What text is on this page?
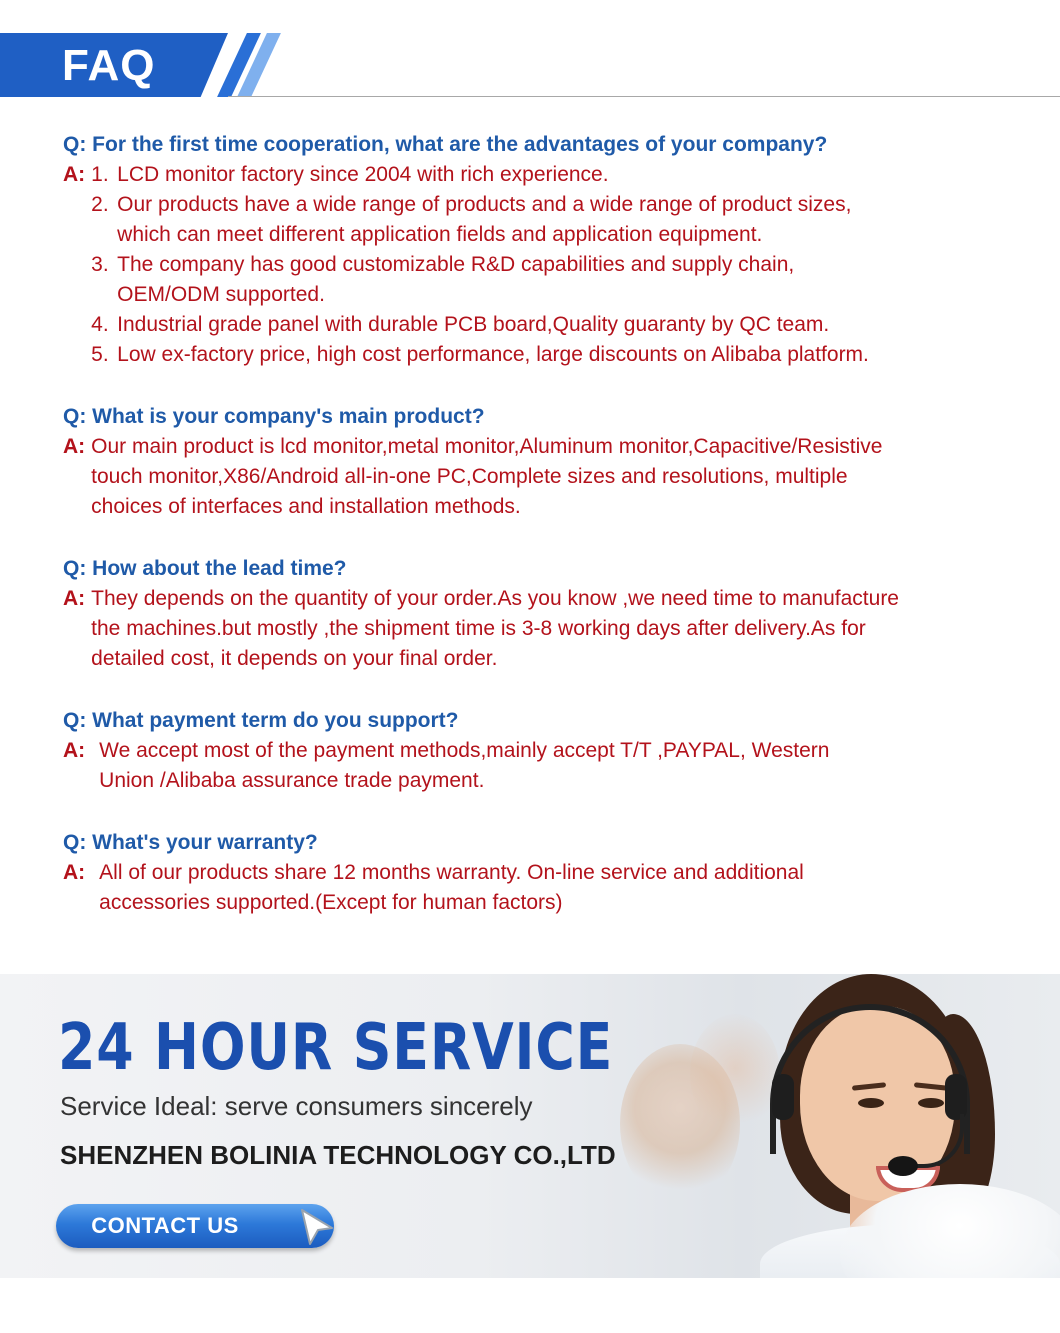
FAQ
Q: For the first time cooperation, what are the advantages of your company?
A: 1. LCD monitor factory since 2004 with rich experience.
2. Our products have a wide range of products and a wide range of product sizes,
which can meet different application fields and application equipment.
3. The company has good customizable R&D capabilities and supply chain,
OEM/ODM supported.
4. Industrial grade panel with durable PCB board,Quality guaranty by QC team.
5. Low ex-factory price, high cost performance, large discounts on Alibaba platform.
Q: What is your company's main product?
A: Our main product is lcd monitor,metal monitor,Aluminum monitor,Capacitive/Resistive
touch monitor,X86/Android all-in-one PC,Complete sizes and resolutions, multiple
choices of interfaces and installation methods.
Q: How about the lead time?
A: They depends on the quantity of your order.As you know ,we need time to manufacture
the machines.but mostly ,the shipment time is 3-8 working days after delivery.As for
detailed cost, it depends on your final order.
Q: What payment term do you support?
A: We accept most of the payment methods,mainly accept T/T ,PAYPAL, Western
Union /Alibaba assurance trade payment.
Q: What's your warranty?
A: All of our products share 12 months warranty. On-line service and additional
accessories supported.(Except for human factors)
24 HOUR SERVICE
Service Ideal: serve consumers sincerely
SHENZHEN BOLINIA TECHNOLOGY CO.,LTD
CONTACT US
